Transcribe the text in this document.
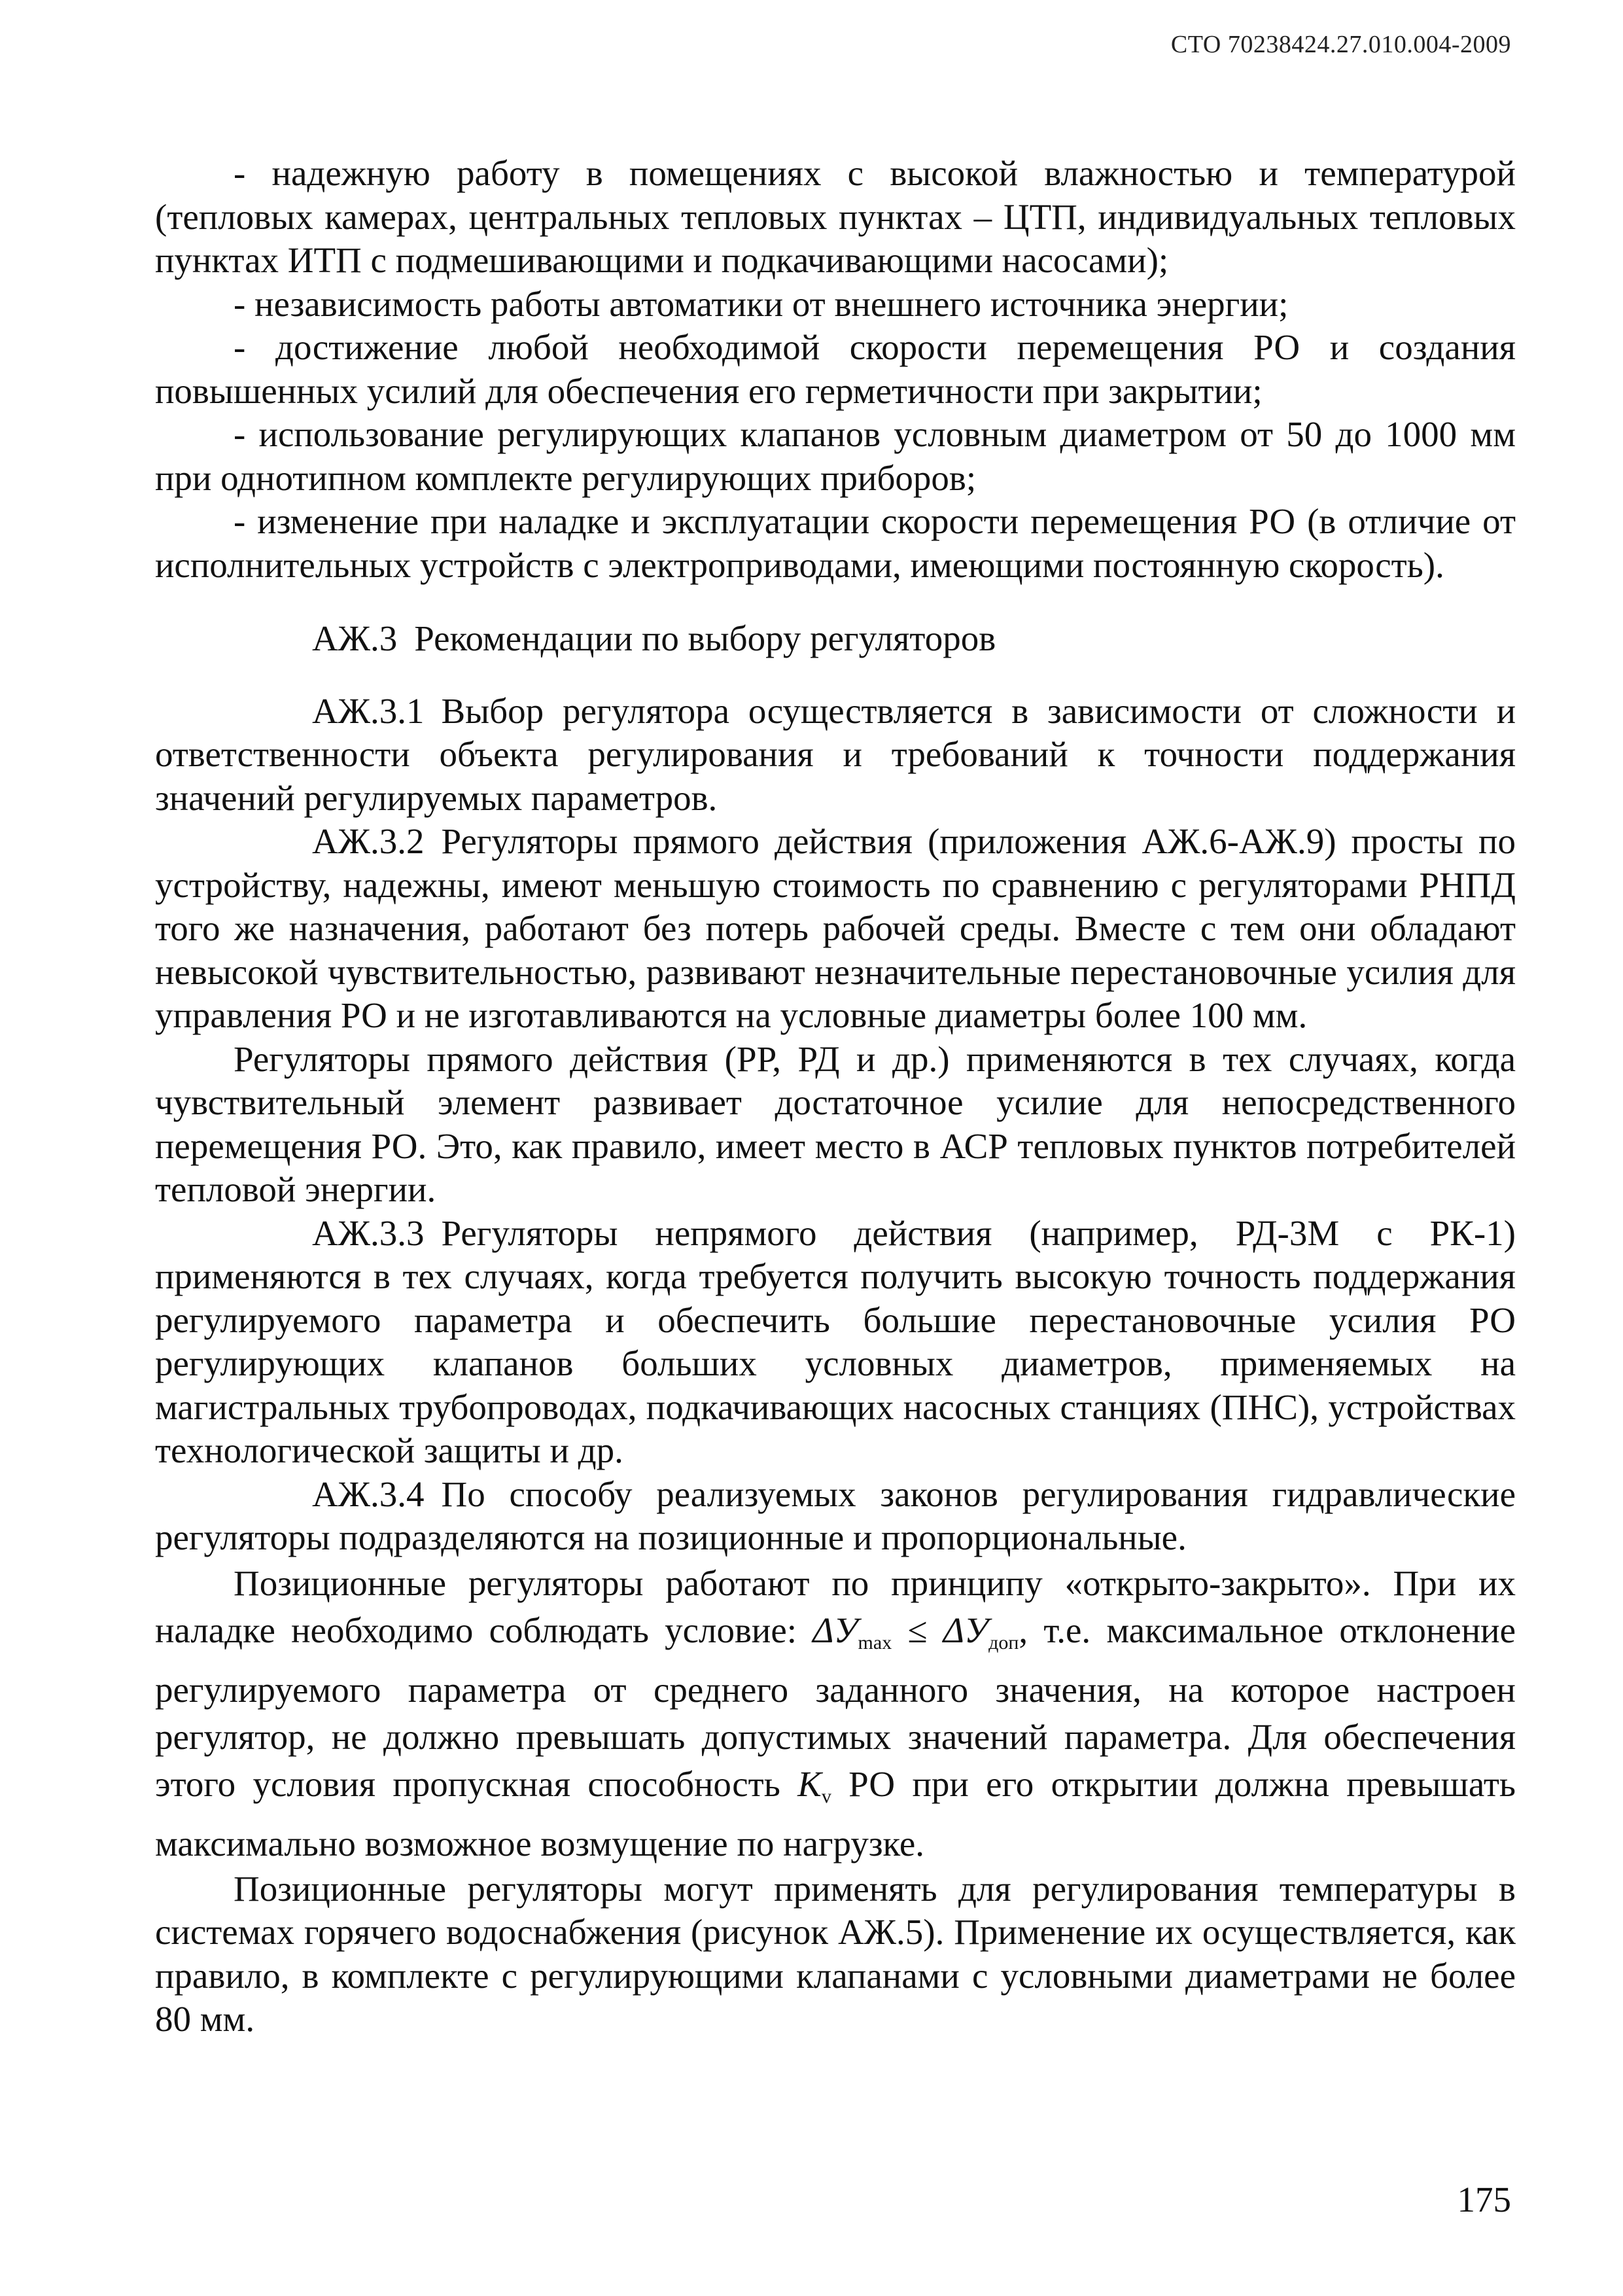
СТО 70238424.27.010.004-2009

- надежную работу в помещениях с высокой влажностью и температурой (тепловых камерах, центральных тепловых пунктах – ЦТП, индивидуальных тепловых пунктах ИТП с подмешивающими и подкачивающими насосами);

- независимость работы автоматики от внешнего источника энергии;

- достижение любой необходимой скорости перемещения РО и создания повышенных усилий для обеспечения его герметичности при закрытии;

- использование регулирующих клапанов условным диаметром от 50 до 1000 мм при однотипном комплекте регулирующих приборов;

- изменение при наладке и эксплуатации скорости перемещения РО (в отличие от исполнительных устройств с электроприводами, имеющими постоянную скорость).

АЖ.3 Рекомендации по выбору регуляторов

АЖ.3.1 Выбор регулятора осуществляется в зависимости от сложности и ответственности объекта регулирования и требований к точности поддержания значений регулируемых параметров.

АЖ.3.2 Регуляторы прямого действия (приложения АЖ.6-АЖ.9) просты по устройству, надежны, имеют меньшую стоимость по сравнению с регуляторами РНПД того же назначения, работают без потерь рабочей среды. Вместе с тем они обладают невысокой чувствительностью, развивают незначительные перестановочные усилия для управления РО и не изготавливаются на условные диаметры более 100 мм.

Регуляторы прямого действия (РР, РД и др.) применяются в тех случаях, когда чувствительный элемент развивает достаточное усилие для непосредственного перемещения РО. Это, как правило, имеет место в АСР тепловых пунктов потребителей тепловой энергии.

АЖ.3.3 Регуляторы непрямого действия (например, РД-3М с РК-1) применяются в тех случаях, когда требуется получить высокую точность поддержания регулируемого параметра и обеспечить большие перестановочные усилия РО регулирующих клапанов больших условных диаметров, применяемых на магистральных трубопроводах, подкачивающих насосных станциях (ПНС), устройствах технологической защиты и др.

АЖ.3.4 По способу реализуемых законов регулирования гидравлические регуляторы подразделяются на позиционные и пропорциональные.

Позиционные регуляторы работают по принципу «открыто-закрыто». При их наладке необходимо соблюдать условие: $\Delta У_{max} \le \Delta У_{доп}$, т.е. максимальное отклонение регулируемого параметра от среднего заданного значения, на которое настроен регулятор, не должно превышать допустимых значений параметра. Для обеспечения этого условия пропускная способность $K_v$ РО при его открытии должна превышать максимально возможное возмущение по нагрузке.

Позиционные регуляторы могут применять для регулирования температуры в системах горячего водоснабжения (рисунок АЖ.5). Применение их осуществляется, как правило, в комплекте с регулирующими клапанами с условными диаметрами не более 80 мм.

175
